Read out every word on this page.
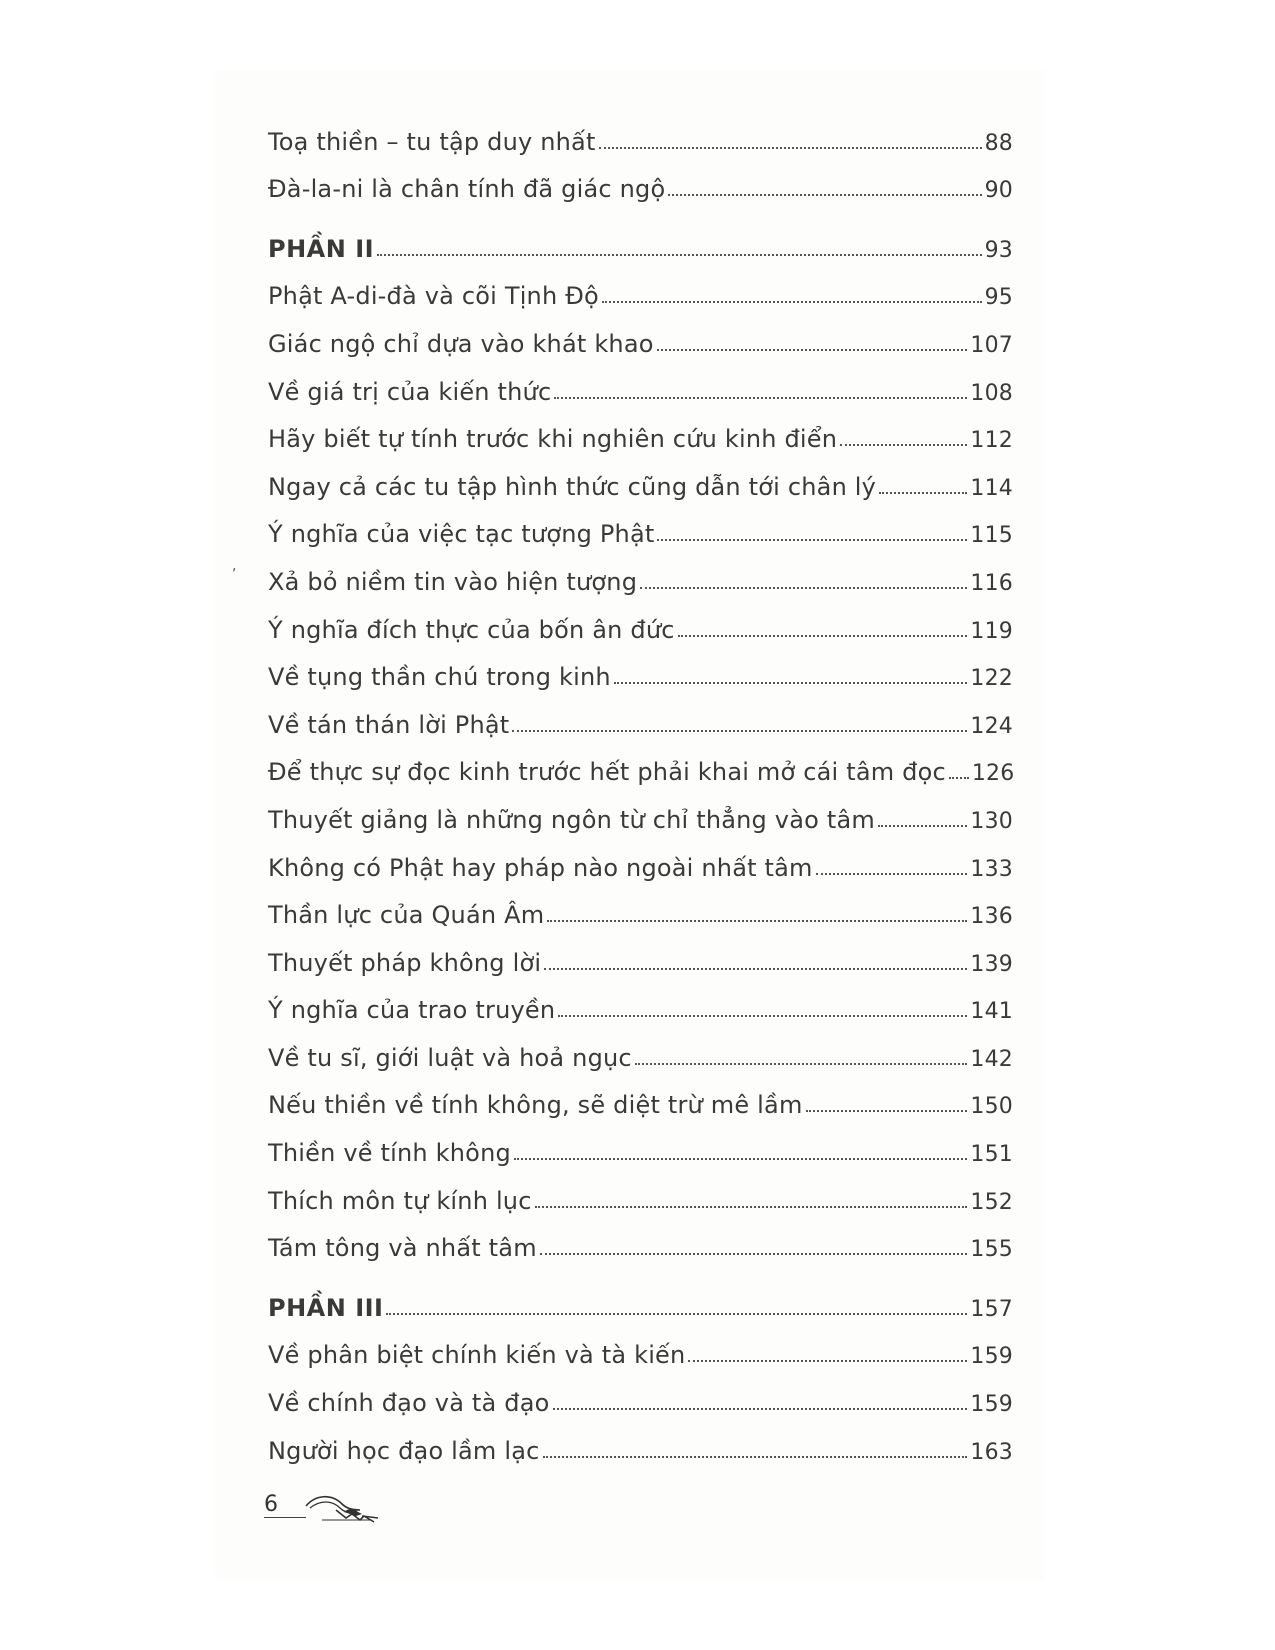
,
Toạ thiền – tu tập duy nhất	88
Đà-la-ni là chân tính đã giác ngộ	90
PHẦN II	93
Phật A-di-đà và cõi Tịnh Độ	95
Giác ngộ chỉ dựa vào khát khao	107
Về giá trị của kiến thức	108
Hãy biết tự tính trước khi nghiên cứu kinh điển	112
Ngay cả các tu tập hình thức cũng dẫn tới chân lý	114
Ý nghĩa của việc tạc tượng Phật	115
Xả bỏ niềm tin vào hiện tượng	116
Ý nghĩa đích thực của bốn ân đức	119
Về tụng thần chú trong kinh	122
Về tán thán lời Phật	124
Để thực sự đọc kinh trước hết phải khai mở cái tâm đọc 126
Thuyết giảng là những ngôn từ chỉ thẳng vào tâm	130
Không có Phật hay pháp nào ngoài nhất tâm	133
Thần lực của Quán Âm	136
Thuyết pháp không lời	139
Ý nghĩa của trao truyền	141
Về tu sĩ, giới luật và hoả ngục	142
Nếu thiền về tính không, sẽ diệt trừ mê lầm	150
Thiền về tính không	151
Thích môn tự kính lục	152
Tám tông và nhất tâm	155
PHẦN III	157
Về phân biệt chính kiến và tà kiến	159
Về chính đạo và tà đạo	159
Người học đạo lầm lạc	163
6
